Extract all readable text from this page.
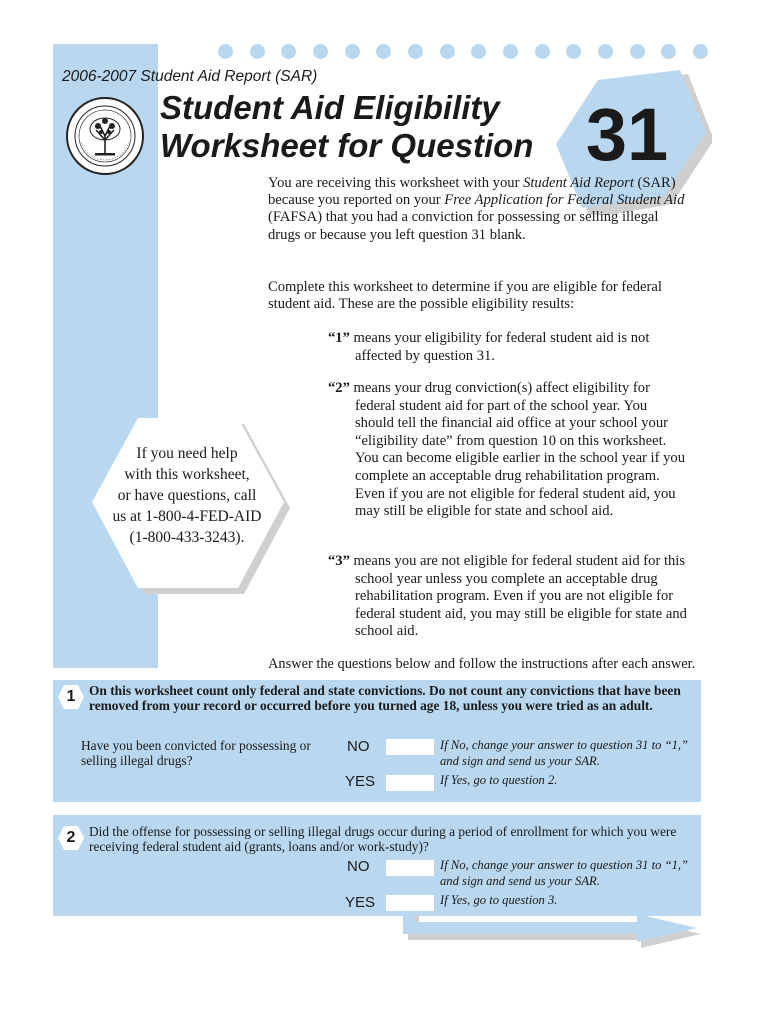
2006-2007 Student Aid Report (SAR)
Student Aid Eligibility
Worksheet for Question 31
You are receiving this worksheet with your Student Aid Report (SAR) because you reported on your Free Application for Federal Student Aid (FAFSA) that you had a conviction for possessing or selling illegal drugs or because you left question 31 blank.
Complete this worksheet to determine if you are eligible for federal student aid. These are the possible eligibility results:
“1” means your eligibility for federal student aid is not affected by question 31.
“2” means your drug conviction(s) affect eligibility for federal student aid for part of the school year. You should tell the financial aid office at your school your “eligibility date” from question 10 on this worksheet. You can become eligible earlier in the school year if you complete an acceptable drug rehabilitation program. Even if you are not eligible for federal student aid, you may still be eligible for state and school aid.
“3” means you are not eligible for federal student aid for this school year unless you complete an acceptable drug rehabilitation program. Even if you are not eligible for federal student aid, you may still be eligible for state and school aid.
Answer the questions below and follow the instructions after each answer.
If you need help
with this worksheet,
or have questions, call
us at 1-800-4-FED-AID
(1-800-433-3243).
1	On this worksheet count only federal and state convictions. Do not count any convictions that have been removed from your record or occurred before you turned age 18, unless you were tried as an adult.
Have you been convicted for possessing or selling illegal drugs?
NO	If No, change your answer to question 31 to “1,” and sign and send us your SAR.
YES	If Yes, go to question 2.
2	Did the offense for possessing or selling illegal drugs occur during a period of enrollment for which you were receiving federal student aid (grants, loans and/or work-study)?
NO	If No, change your answer to question 31 to “1,” and sign and send us your SAR.
YES	If Yes, go to question 3.
